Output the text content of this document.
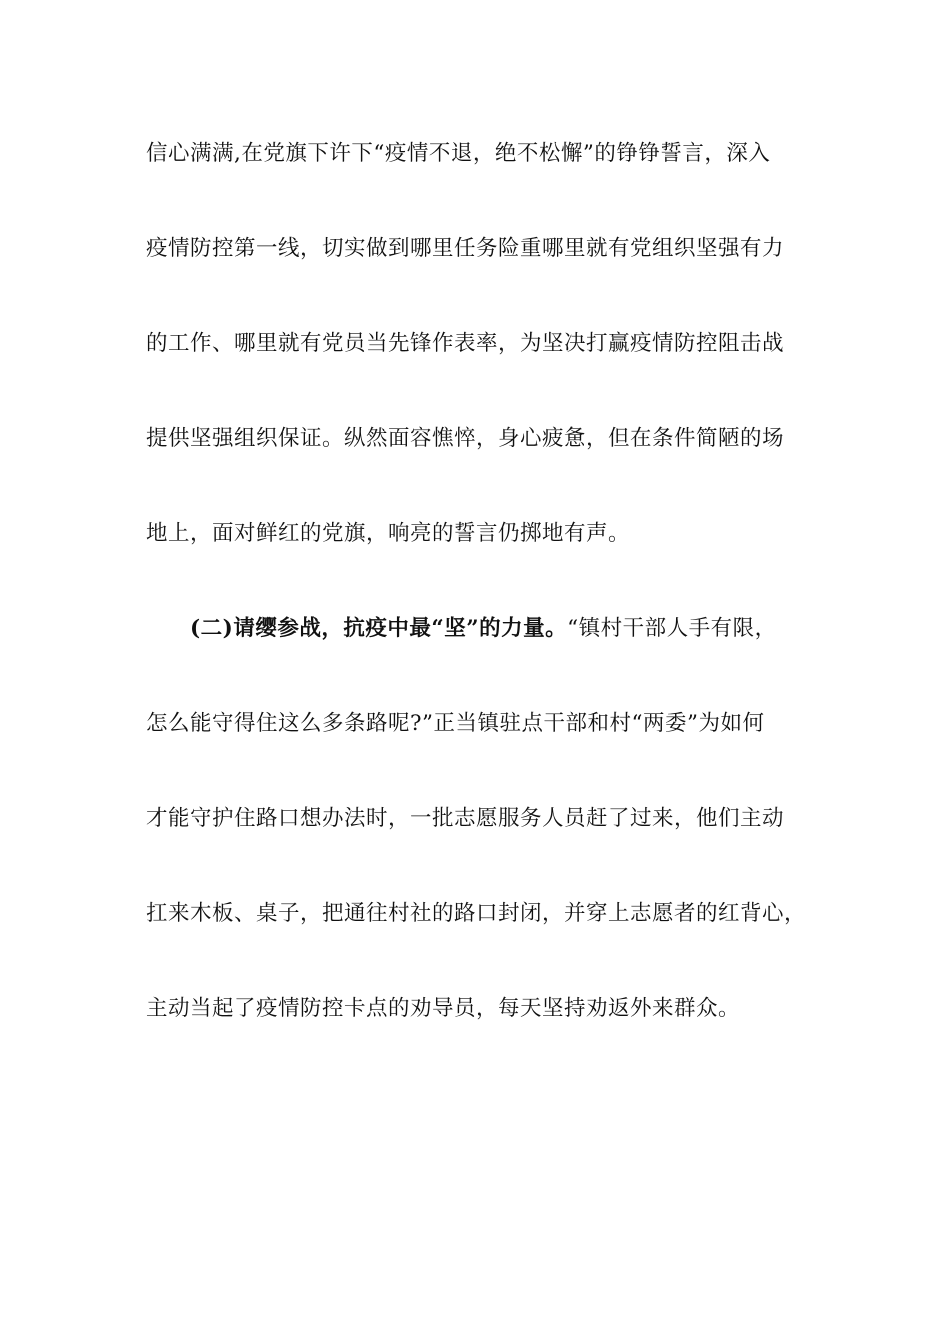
信心满满,在党旗下许下“疫情不退，绝不松懈”的铮铮誓言，深入
疫情防控第一线，切实做到哪里任务险重哪里就有党组织坚强有力
的工作、哪里就有党员当先锋作表率，为坚决打赢疫情防控阻击战
提供坚强组织保证。纵然面容憔悴，身心疲惫，但在条件简陋的场
地上，面对鲜红的党旗，响亮的誓言仍掷地有声。
(二)请缨参战，抗疫中最“坚”的力量。“镇村干部人手有限，
怎么能守得住这么多条路呢?”正当镇驻点干部和村“两委”为如何
才能守护住路口想办法时，一批志愿服务人员赶了过来，他们主动
扛来木板、桌子，把通往村社的路口封闭，并穿上志愿者的红背心，
主动当起了疫情防控卡点的劝导员，每天坚持劝返外来群众。
